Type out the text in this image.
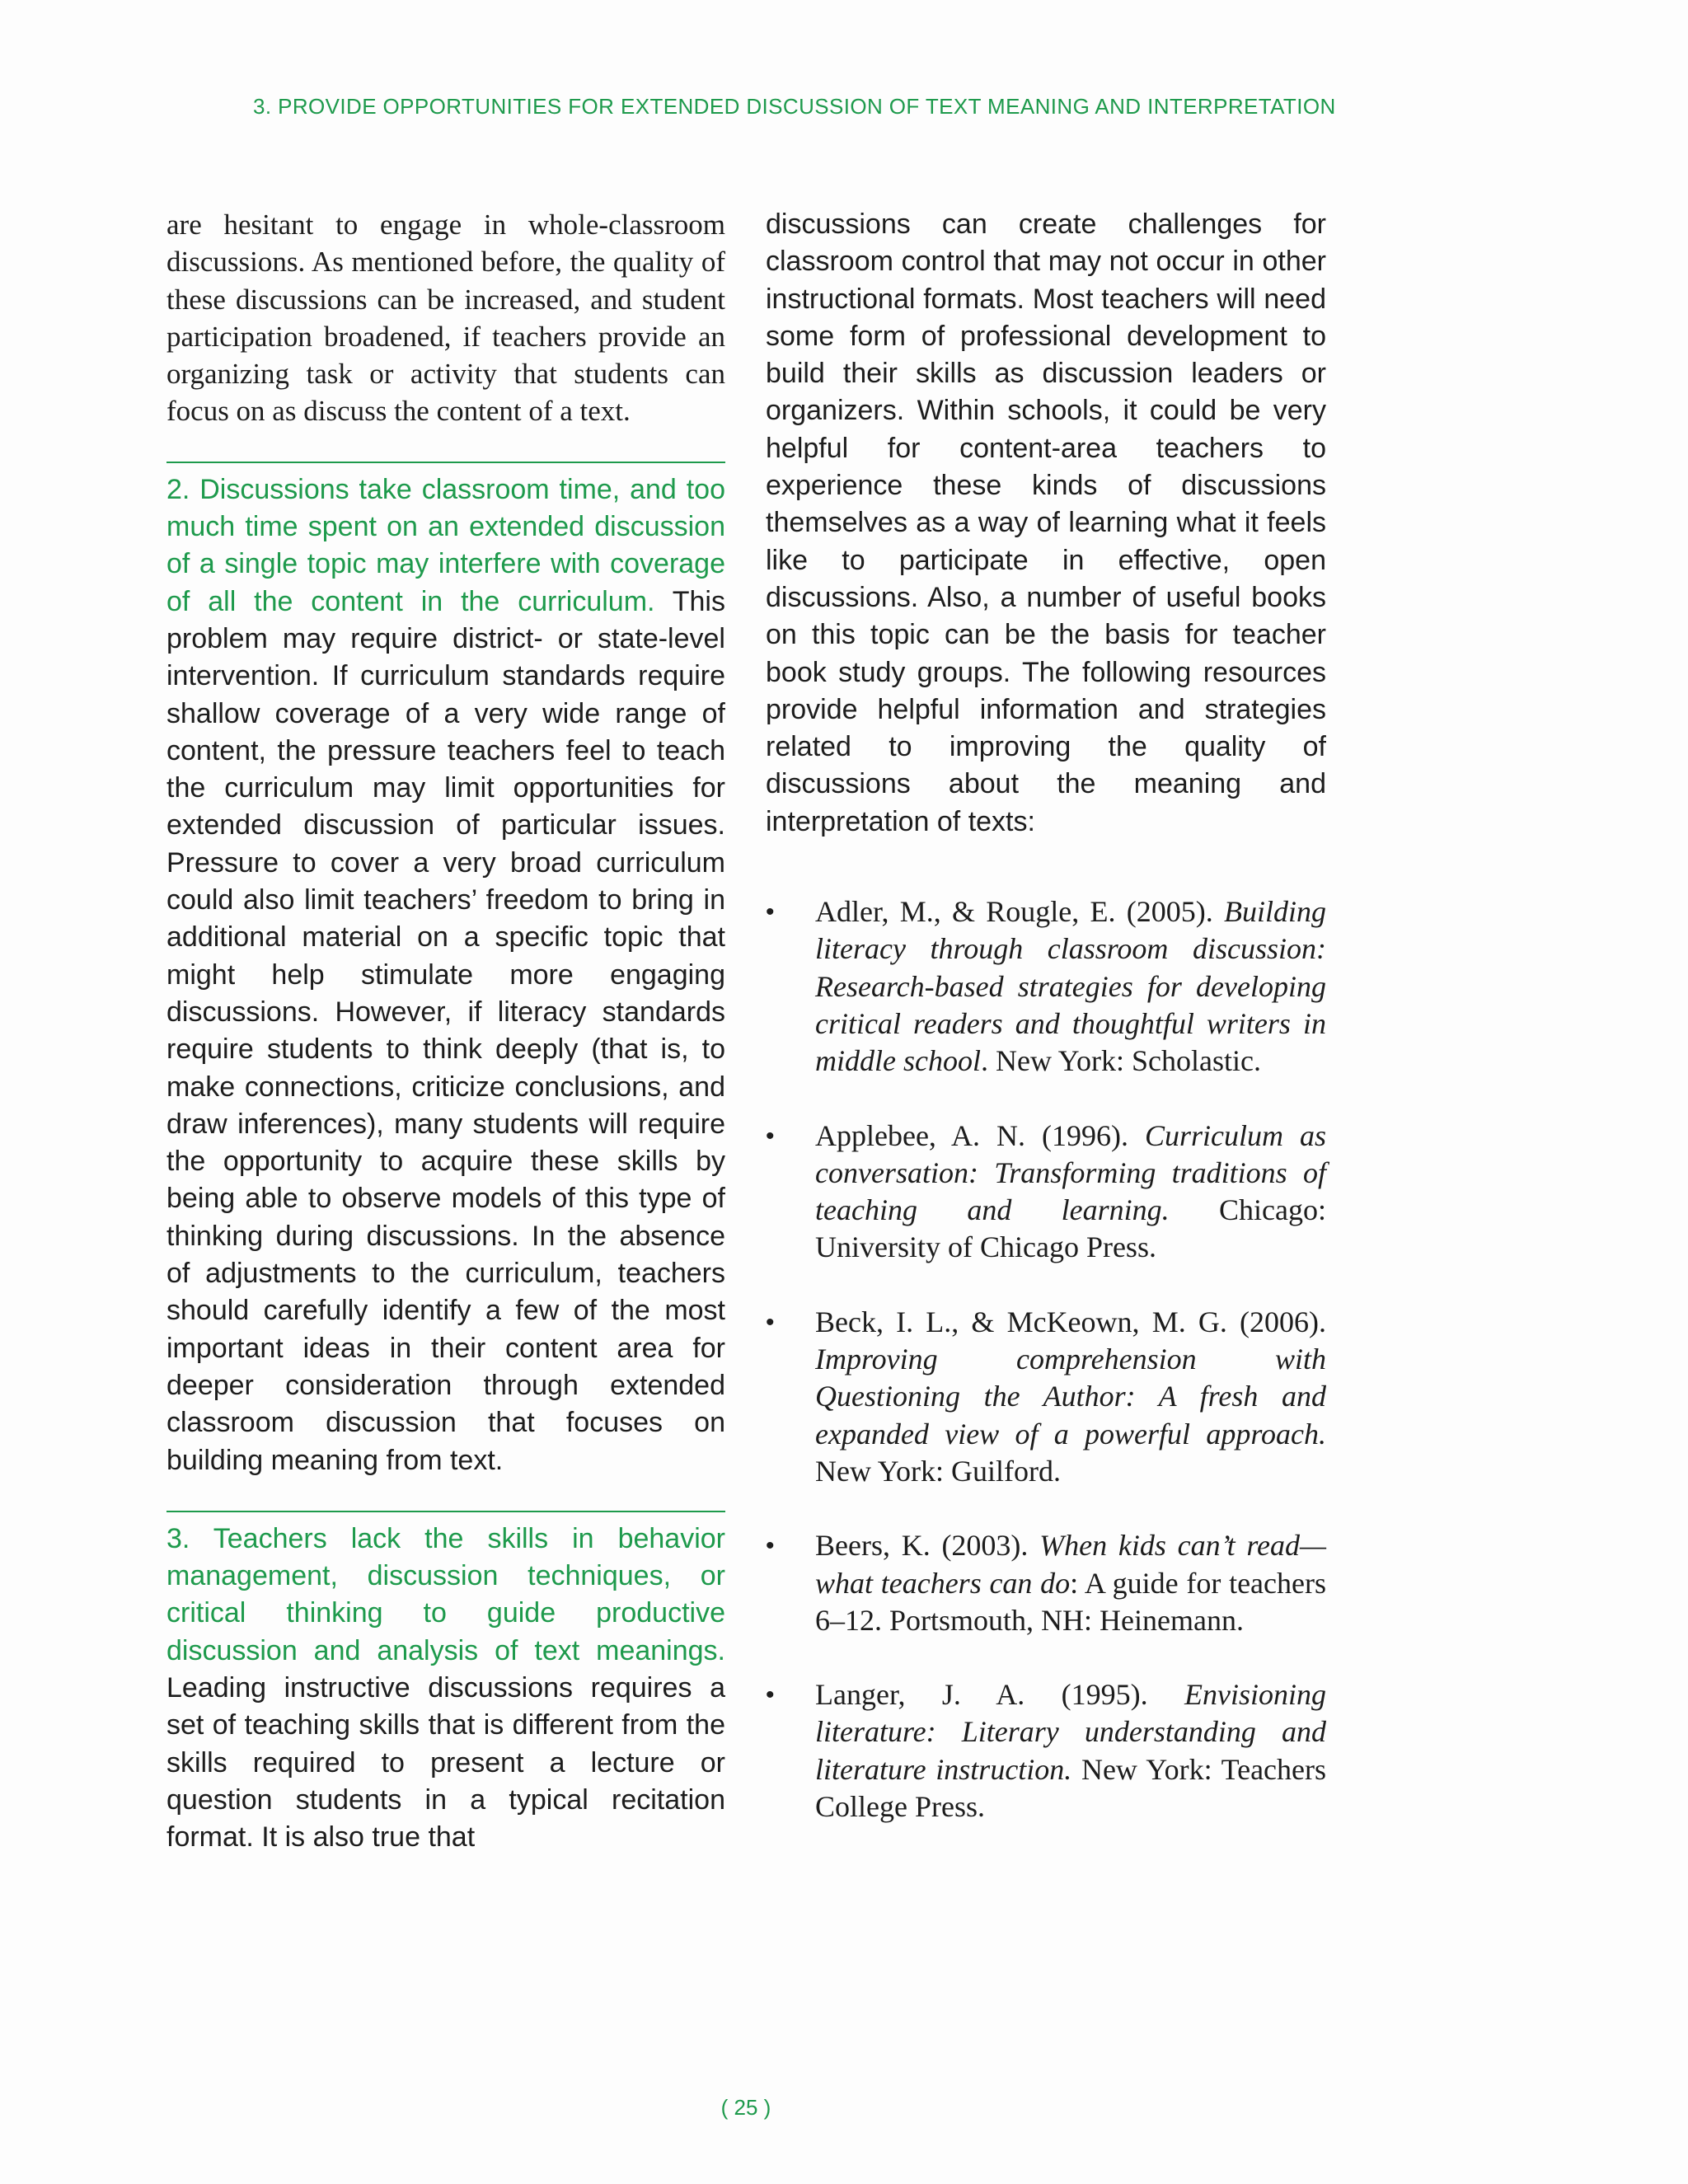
3. PROVIDE OPPORTUNITIES FOR EXTENDED DISCUSSION OF TEXT MEANING AND INTERPRETATION

are hesitant to engage in whole-classroom discussions. As mentioned before, the quality of these discussions can be increased, and student participation broadened, if teachers provide an organizing task or activity that students can focus on as discuss the content of a text.

2. Discussions take classroom time, and too much time spent on an extended discussion of a single topic may interfere with coverage of all the content in the curriculum. This problem may require district- or state-level intervention. If curriculum standards require shallow coverage of a very wide range of content, the pressure teachers feel to teach the curriculum may limit opportunities for extended discussion of particular issues. Pressure to cover a very broad curriculum could also limit teachers’ freedom to bring in additional material on a specific topic that might help stimulate more engaging discussions. However, if literacy standards require students to think deeply (that is, to make connections, criticize conclusions, and draw inferences), many students will require the opportunity to acquire these skills by being able to observe models of this type of thinking during discussions. In the absence of adjustments to the curriculum, teachers should carefully identify a few of the most important ideas in their content area for deeper consideration through extended classroom discussion that focuses on building meaning from text.

3. Teachers lack the skills in behavior management, discussion techniques, or critical thinking to guide productive discussion and analysis of text meanings. Leading instructive discussions requires a set of teaching skills that is different from the skills required to present a lecture or question students in a typical recitation format. It is also true that

discussions can create challenges for classroom control that may not occur in other instructional formats. Most teachers will need some form of professional development to build their skills as discussion leaders or organizers. Within schools, it could be very helpful for content-area teachers to experience these kinds of discussions themselves as a way of learning what it feels like to participate in effective, open discussions. Also, a number of useful books on this topic can be the basis for teacher book study groups. The following resources provide helpful information and strategies related to improving the quality of discussions about the meaning and interpretation of texts:

• Adler, M., & Rougle, E. (2005). Building literacy through classroom discussion: Research-based strategies for developing critical readers and thoughtful writers in middle school. New York: Scholastic.
• Applebee, A. N. (1996). Curriculum as conversation: Transforming traditions of teaching and learning. Chicago: University of Chicago Press.
• Beck, I. L., & McKeown, M. G. (2006). Improving comprehension with Questioning the Author: A fresh and expanded view of a powerful approach. New York: Guilford.
• Beers, K. (2003). When kids can’t read—what teachers can do: A guide for teachers 6–12. Portsmouth, NH: Heinemann.
• Langer, J. A. (1995). Envisioning literature: Literary understanding and literature instruction. New York: Teachers College Press.
( 25 )
